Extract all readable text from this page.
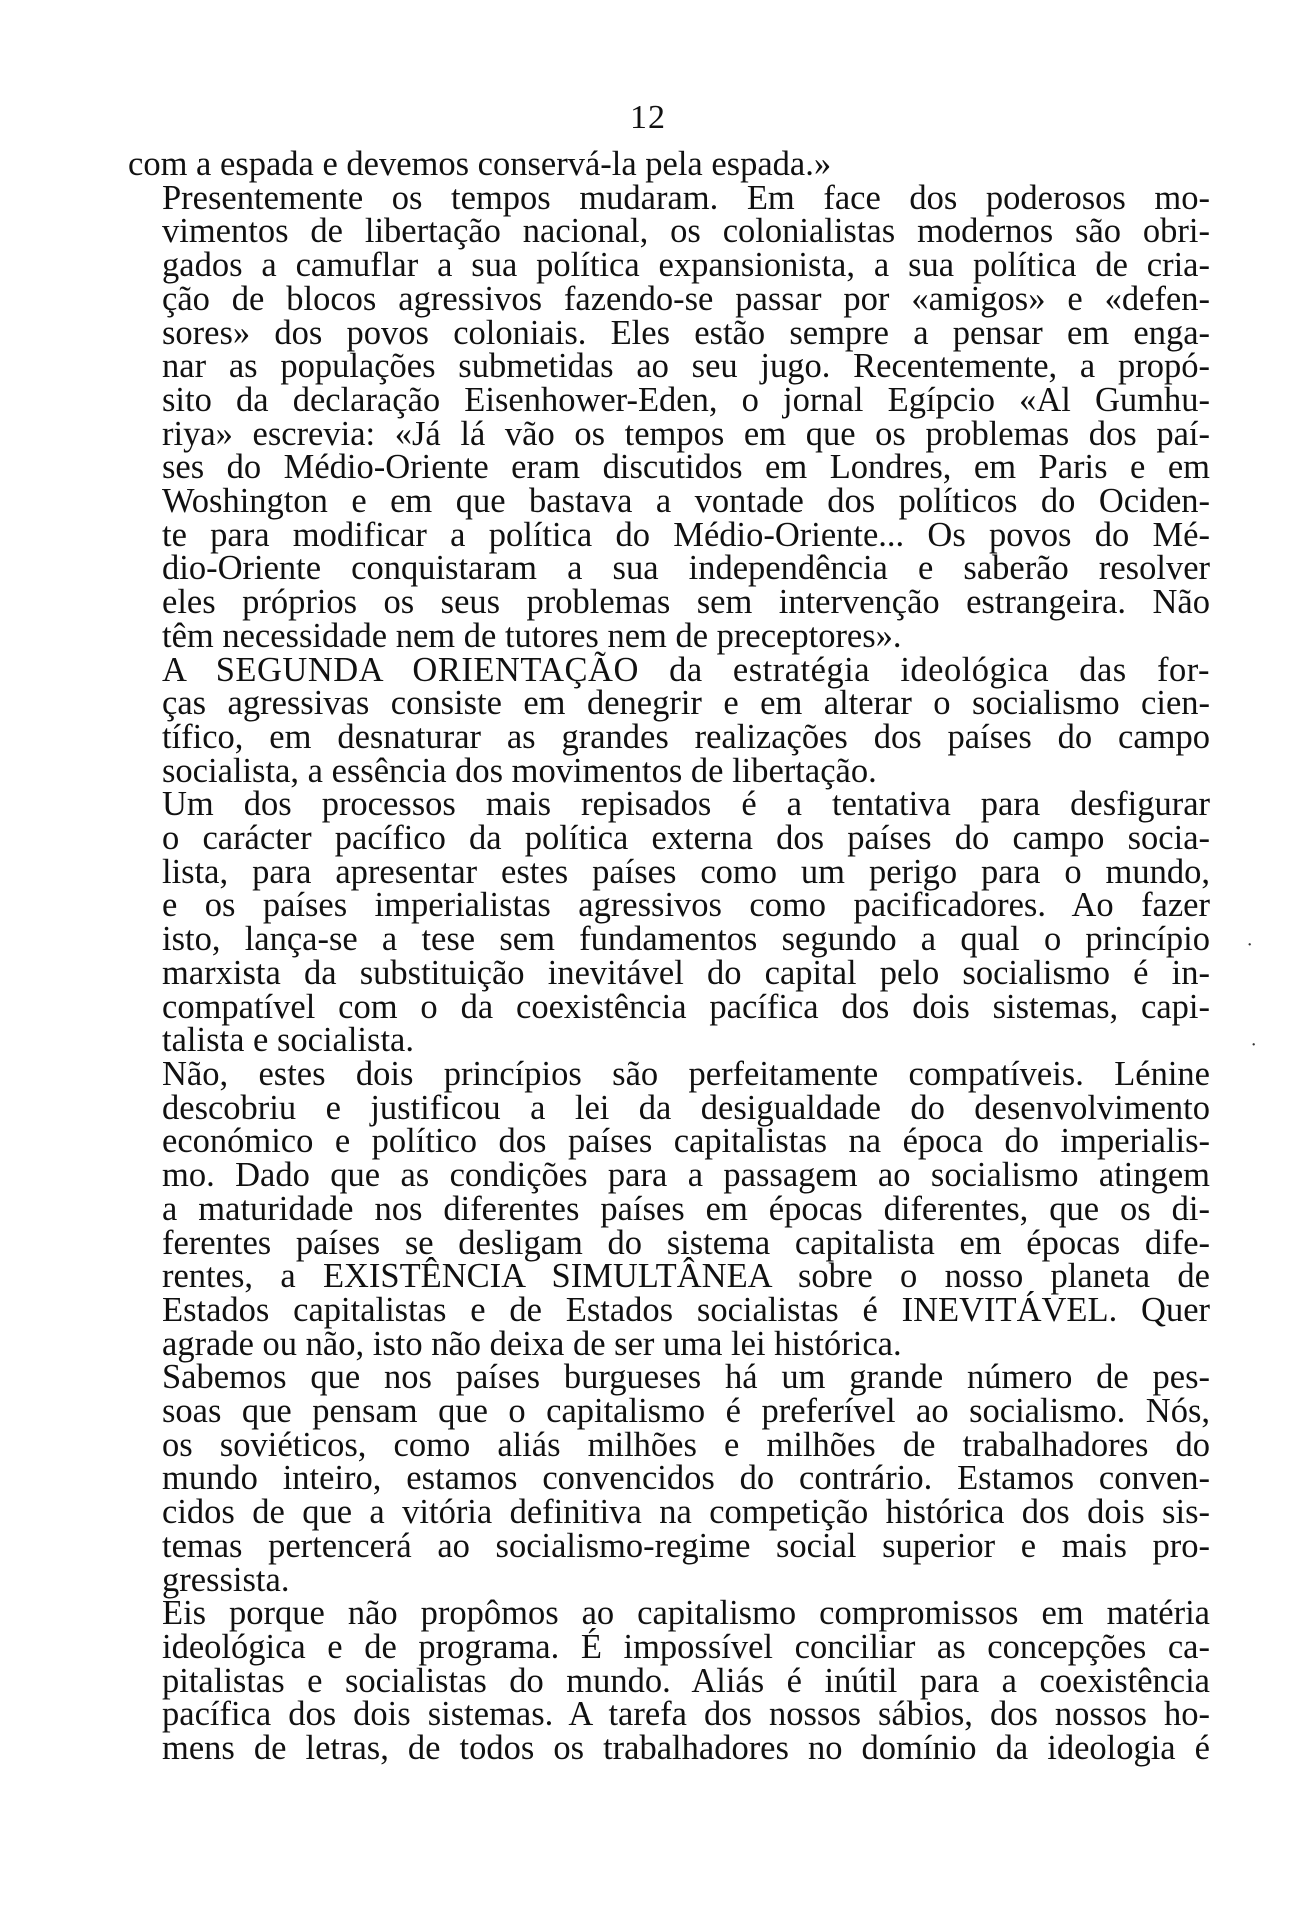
12

com a espada e devemos conservá-la pela espada.»

Presentemente os tempos mudaram. Em face dos poderosos mo-
vimentos de libertação nacional, os colonialistas modernos são obri-
gados a camuflar a sua política expansionista, a sua política de cria-
ção de blocos agressivos fazendo-se passar por «amigos» e «defen-
sores» dos povos coloniais. Eles estão sempre a pensar em enga-
nar as populações submetidas ao seu jugo. Recentemente, a propó-
sito da declaração Eisenhower-Eden, o jornal Egípcio «Al Gumhu-
riya» escrevia: «Já lá vão os tempos em que os problemas dos paí-
ses do Médio-Oriente eram discutidos em Londres, em Paris e em
Woshington e em que bastava a vontade dos políticos do Ociden-
te para modificar a política do Médio-Oriente... Os povos do Mé-
dio-Oriente conquistaram a sua independência e saberão resolver
eles próprios os seus problemas sem intervenção estrangeira. Não
têm necessidade nem de tutores nem de preceptores».

A SEGUNDA ORIENTAÇÃO da estratégia ideológica das for-
ças agressivas consiste em denegrir e em alterar o socialismo cien-
tífico, em desnaturar as grandes realizações dos países do campo
socialista, a essência dos movimentos de libertação.

Um dos processos mais repisados é a tentativa para desfigurar
o carácter pacífico da política externa dos países do campo socia-
lista, para apresentar estes países como um perigo para o mundo,
e os países imperialistas agressivos como pacificadores. Ao fazer
isto, lança-se a tese sem fundamentos segundo a qual o princípio
marxista da substituição inevitável do capital pelo socialismo é in-
compatível com o da coexistência pacífica dos dois sistemas, capi-
talista e socialista.

Não, estes dois princípios são perfeitamente compatíveis. Lénine
descobriu e justificou a lei da desigualdade do desenvolvimento
económico e político dos países capitalistas na época do imperialis-
mo. Dado que as condições para a passagem ao socialismo atingem
a maturidade nos diferentes países em épocas diferentes, que os di-
ferentes países se desligam do sistema capitalista em épocas dife-
rentes, a EXISTÊNCIA SIMULTÂNEA sobre o nosso planeta de
Estados capitalistas e de Estados socialistas é INEVITÁVEL. Quer
agrade ou não, isto não deixa de ser uma lei histórica.

Sabemos que nos países burgueses há um grande número de pes-
soas que pensam que o capitalismo é preferível ao socialismo. Nós,
os soviéticos, como aliás milhões e milhões de trabalhadores do
mundo inteiro, estamos convencidos do contrário. Estamos conven-
cidos de que a vitória definitiva na competição histórica dos dois sis-
temas pertencerá ao socialismo-regime social superior e mais pro-
gressista.

Eis porque não propômos ao capitalismo compromissos em matéria
ideológica e de programa. É impossível conciliar as concepções ca-
pitalistas e socialistas do mundo. Aliás é inútil para a coexistência
pacífica dos dois sistemas. A tarefa dos nossos sábios, dos nossos ho-
mens de letras, de todos os trabalhadores no domínio da ideologia é

˙
˙
